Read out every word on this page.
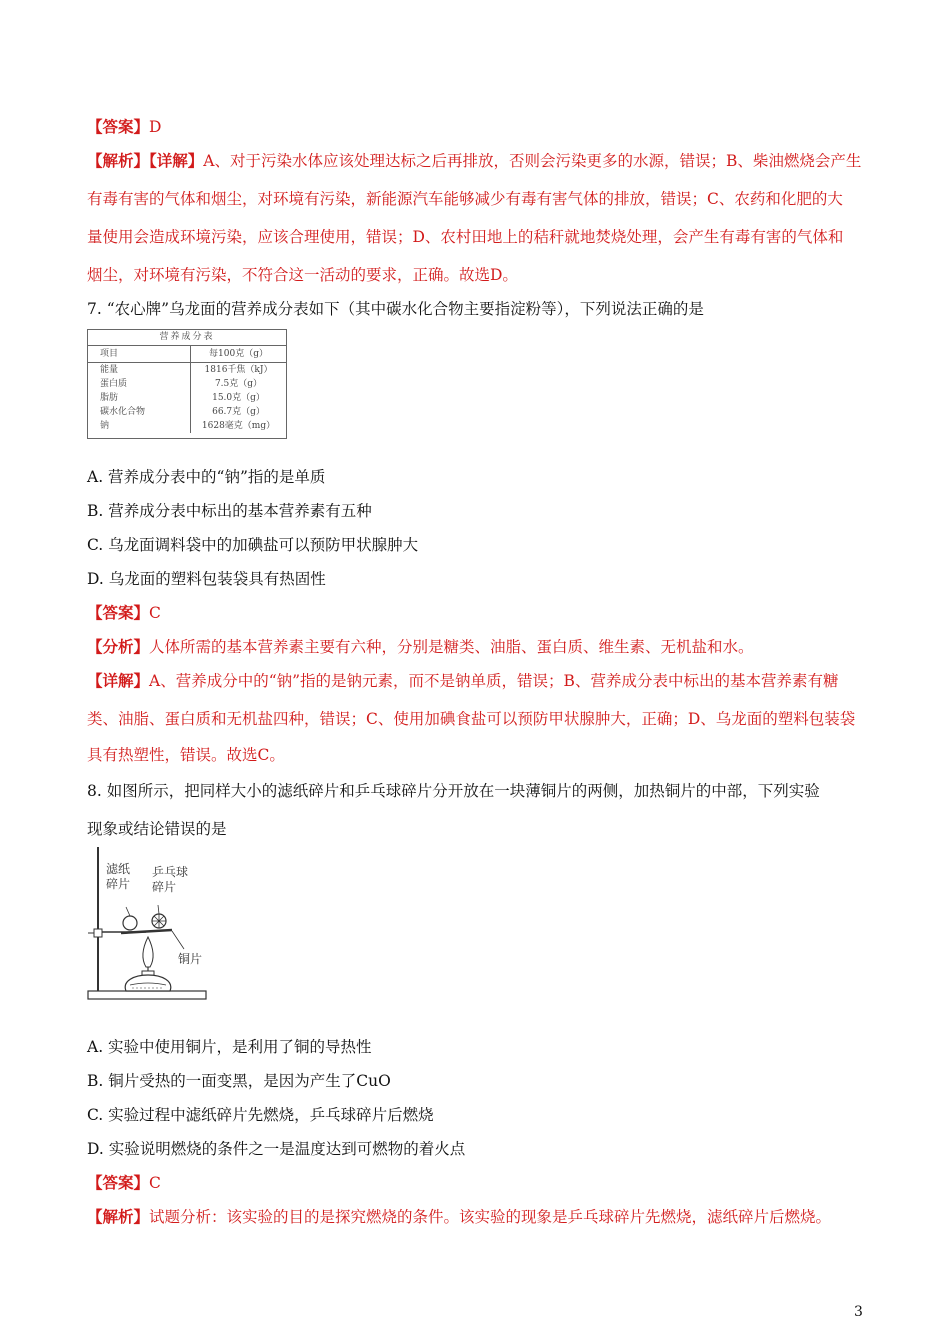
【答案】D
【解析】【详解】A、对于污染水体应该处理达标之后再排放，否则会污染更多的水源，错误；B、柴油燃烧会产生
有毒有害的气体和烟尘，对环境有污染，新能源汽车能够减少有毒有害气体的排放，错误；C、农药和化肥的大
量使用会造成环境污染，应该合理使用，错误；D、农村田地上的秸秆就地焚烧处理，会产生有毒有害的气体和
烟尘，对环境有污染，不符合这一活动的要求，正确。故选D。
7. “农心牌”乌龙面的营养成分表如下（其中碳水化合物主要指淀粉等），下列说法正确的是
营养成分表
项目	每100克（g）
能量	1816千焦（kJ）
蛋白质	7.5克（g）
脂肪	15.0克（g）
碳水化合物	66.7克（g）
钠	1628毫克（mg）
A. 营养成分表中的“钠”指的是单质
B. 营养成分表中标出的基本营养素有五种
C. 乌龙面调料袋中的加碘盐可以预防甲状腺肿大
D. 乌龙面的塑料包装袋具有热固性
【答案】C
【分析】人体所需的基本营养素主要有六种，分别是糖类、油脂、蛋白质、维生素、无机盐和水。
【详解】A、营养成分中的“钠”指的是钠元素，而不是钠单质，错误；B、营养成分表中标出的基本营养素有糖
类、油脂、蛋白质和无机盐四种，错误；C、使用加碘食盐可以预防甲状腺肿大，正确；D、乌龙面的塑料包装袋
具有热塑性，错误。故选C。
8. 如图所示，把同样大小的滤纸碎片和乒乓球碎片分开放在一块薄铜片的两侧，加热铜片的中部，下列实验
现象或结论错误的是
滤纸
碎片
乒乓球
碎片
铜片
A. 实验中使用铜片，是利用了铜的导热性
B. 铜片受热的一面变黑，是因为产生了CuO
C. 实验过程中滤纸碎片先燃烧，乒乓球碎片后燃烧
D. 实验说明燃烧的条件之一是温度达到可燃物的着火点
【答案】C
【解析】试题分析：该实验的目的是探究燃烧的条件。该实验的现象是乒乓球碎片先燃烧，滤纸碎片后燃烧。
3
